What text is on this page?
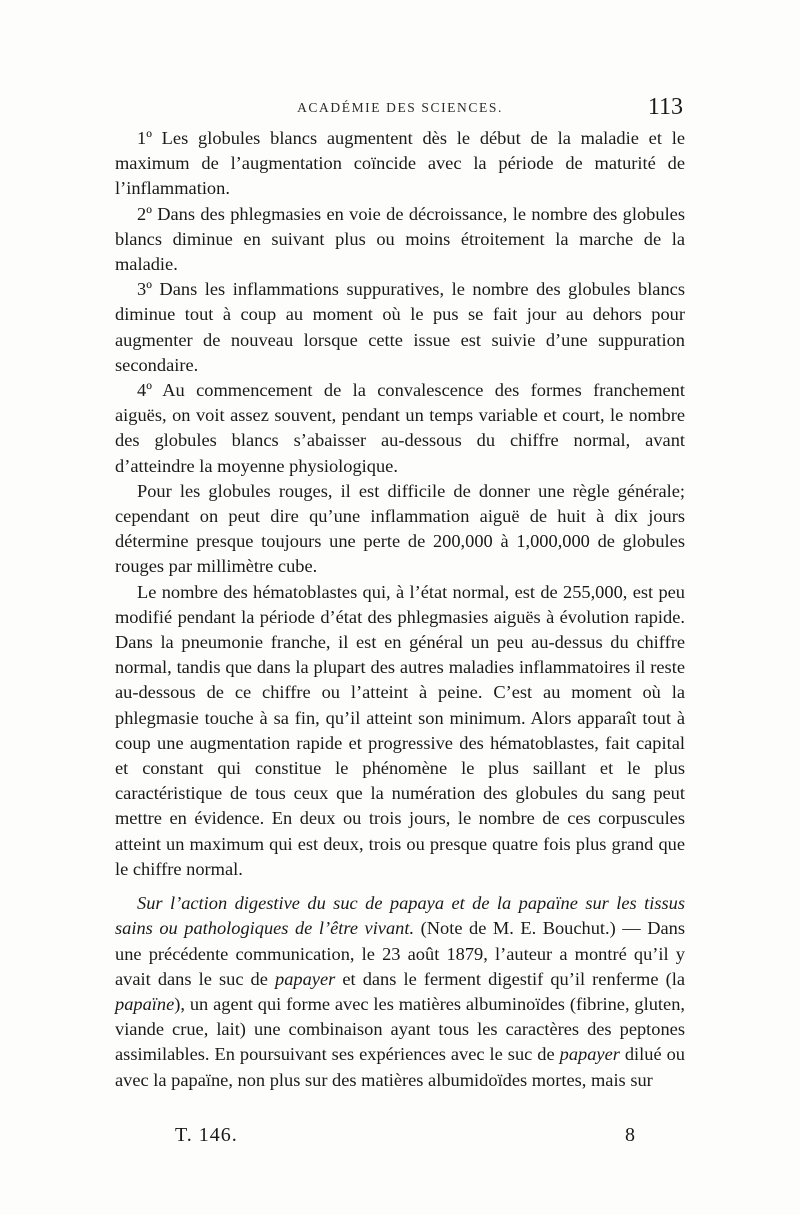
ACADÉMIE DES SCIENCES.	113

1º Les globules blancs augmentent dès le début de la maladie et le maximum de l’augmentation coïncide avec la période de maturité de l’inflammation.

2º Dans des phlegmasies en voie de décroissance, le nombre des globules blancs diminue en suivant plus ou moins étroitement la marche de la maladie.

3º Dans les inflammations suppuratives, le nombre des globules blancs diminue tout à coup au moment où le pus se fait jour au dehors pour augmenter de nouveau lorsque cette issue est suivie d’une suppuration secondaire.

4º Au commencement de la convalescence des formes franchement aiguës, on voit assez souvent, pendant un temps variable et court, le nombre des globules blancs s’abaisser au-dessous du chiffre normal, avant d’atteindre la moyenne physiologique.

Pour les globules rouges, il est difficile de donner une règle générale; cependant on peut dire qu’une inflammation aiguë de huit à dix jours détermine presque toujours une perte de 200,000 à 1,000,000 de globules rouges par millimètre cube.

Le nombre des hématoblastes qui, à l’état normal, est de 255,000, est peu modifié pendant la période d’état des phlegmasies aiguës à évolution rapide. Dans la pneumonie franche, il est en général un peu au-dessus du chiffre normal, tandis que dans la plupart des autres maladies inflammatoires il reste au-dessous de ce chiffre ou l’atteint à peine. C’est au moment où la phlegmasie touche à sa fin, qu’il atteint son minimum. Alors apparaît tout à coup une augmentation rapide et progressive des hématoblastes, fait capital et constant qui constitue le phénomène le plus saillant et le plus caractéristique de tous ceux que la numération des globules du sang peut mettre en évidence. En deux ou trois jours, le nombre de ces corpuscules atteint un maximum qui est deux, trois ou presque quatre fois plus grand que le chiffre normal.

Sur l’action digestive du suc de papaya et de la papaïne sur les tissus sains ou pathologiques de l’être vivant. (Note de M. E. Bouchut.) — Dans une précédente communication, le 23 août 1879, l’auteur a montré qu’il y avait dans le suc de papayer et dans le ferment digestif qu’il renferme (la papaïne), un agent qui forme avec les matières albuminoïdes (fibrine, gluten, viande crue, lait) une combinaison ayant tous les caractères des peptones assimilables. En poursuivant ses expériences avec le suc de papayer dilué ou avec la papaïne, non plus sur des matières albumidoïdes mortes, mais sur

T. 146.	8
